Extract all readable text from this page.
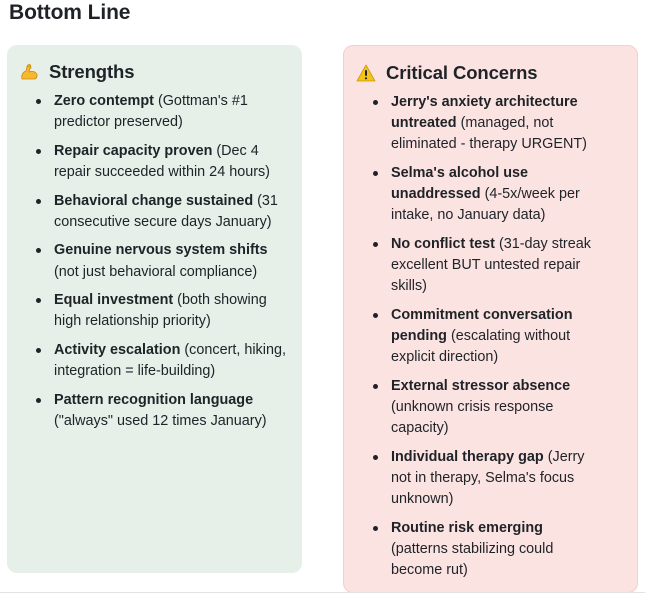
Bottom Line
Strengths
Zero contempt (Gottman's #1 predictor preserved)
Repair capacity proven (Dec 4 repair succeeded within 24 hours)
Behavioral change sustained (31 consecutive secure days January)
Genuine nervous system shifts (not just behavioral compliance)
Equal investment (both showing high relationship priority)
Activity escalation (concert, hiking, integration = life-building)
Pattern recognition language ("always" used 12 times January)
Critical Concerns
Jerry's anxiety architecture untreated (managed, not eliminated - therapy URGENT)
Selma's alcohol use unaddressed (4-5x/week per intake, no January data)
No conflict test (31-day streak excellent BUT untested repair skills)
Commitment conversation pending (escalating without explicit direction)
External stressor absence (unknown crisis response capacity)
Individual therapy gap (Jerry not in therapy, Selma's focus unknown)
Routine risk emerging (patterns stabilizing could become rut)
